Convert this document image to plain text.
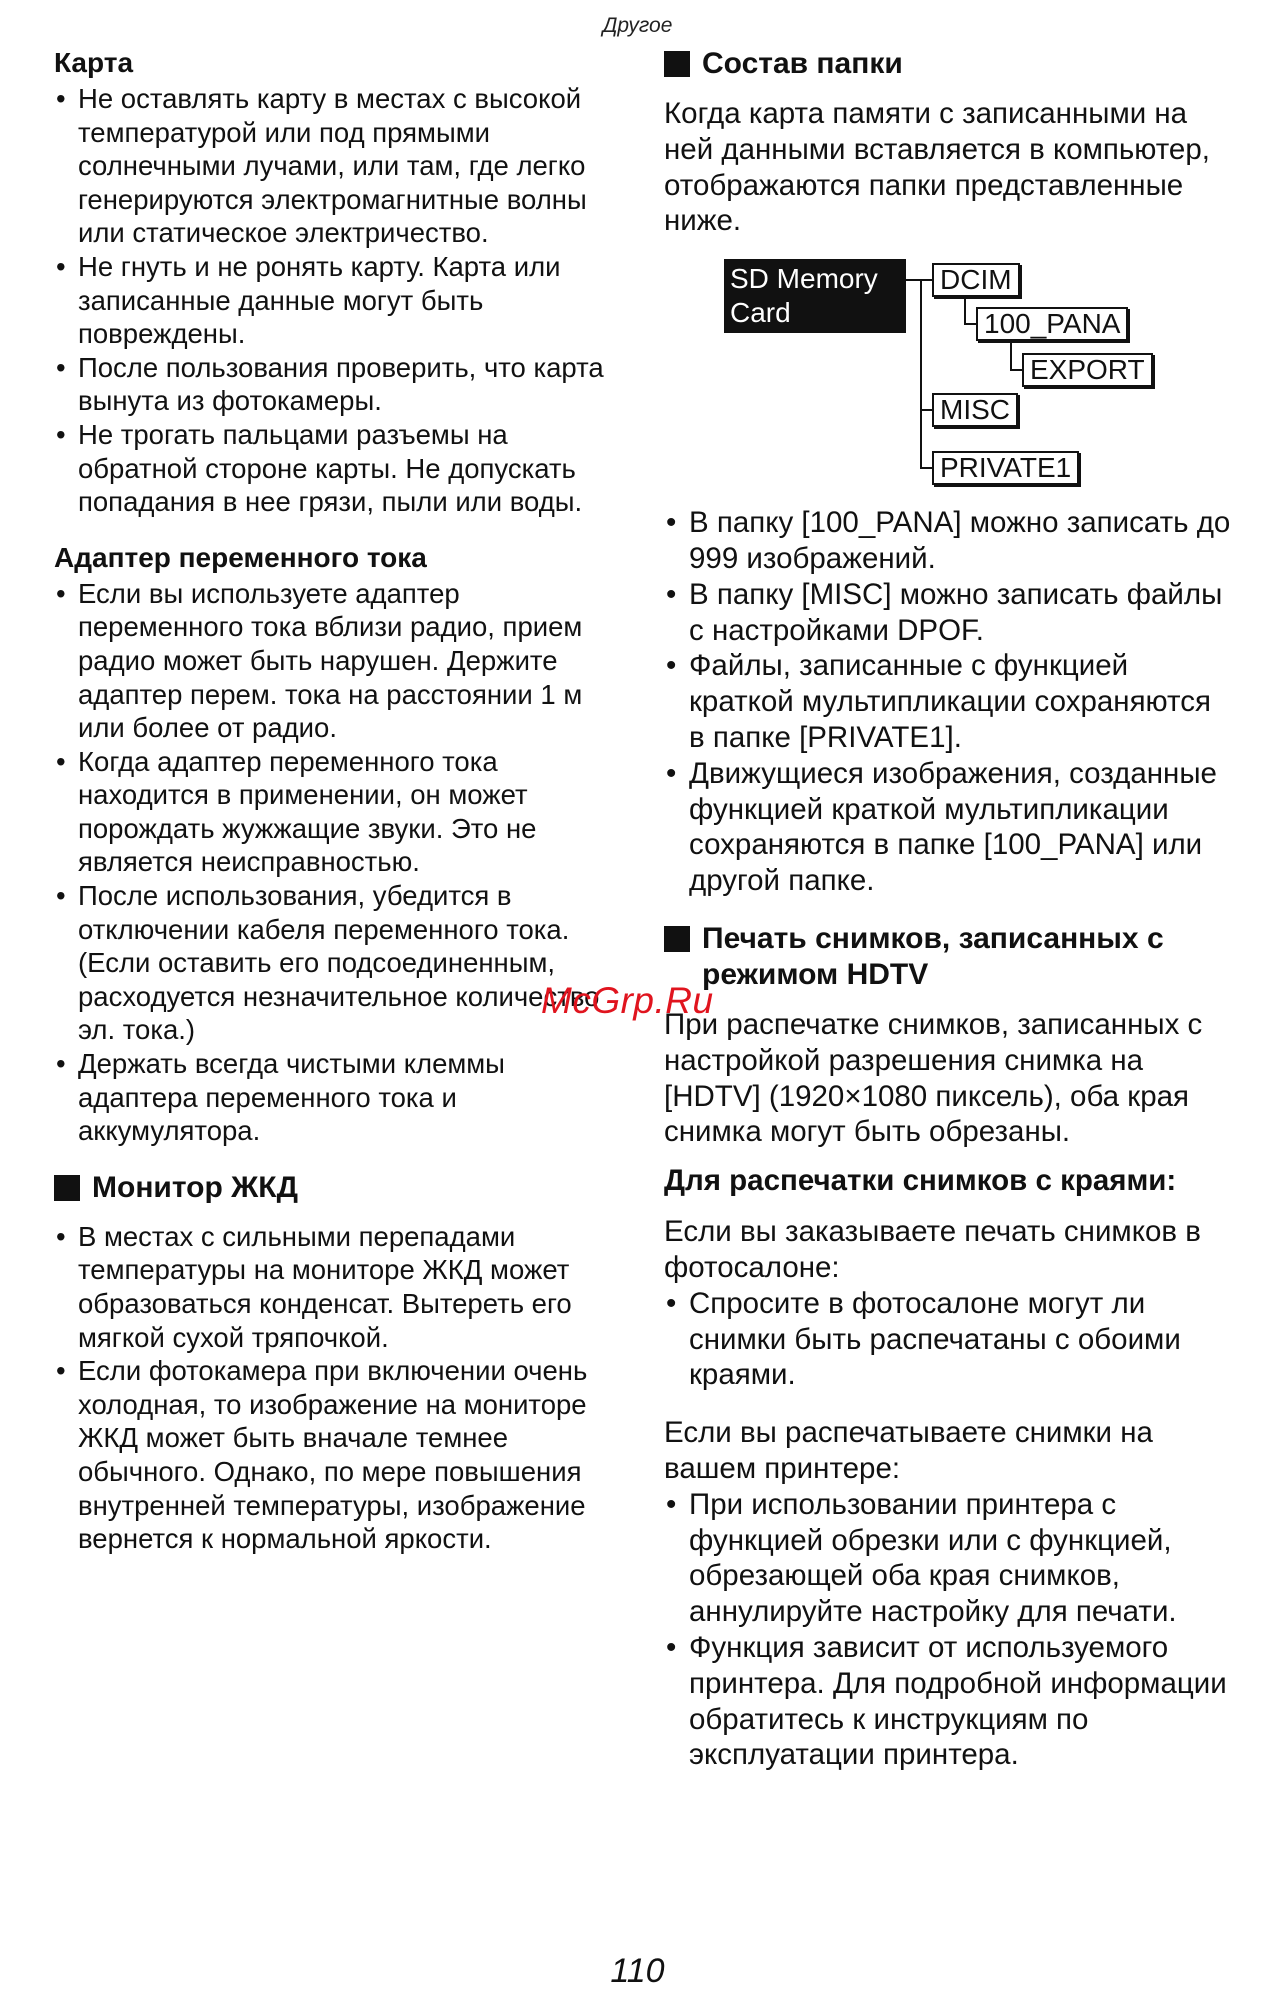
Другое
Карта
• Не оставлять карту в местах с высокой температурой или под прямыми солнечными лучами, или там, где легко генерируются электромагнитные волны или статическое электричество.
• Не гнуть и не ронять карту. Карта или записанные данные могут быть повреждены.
• После пользования проверить, что карта вынута из фотокамеры.
• Не трогать пальцами разъемы на обратной стороне карты. Не допускать попадания в нее грязи, пыли или воды.
Адаптер переменного тока
• Если вы используете адаптер переменного тока вблизи радио, прием радио может быть нарушен. Держите адаптер перем. тока на расстоянии 1 м или более от радио.
• Когда адаптер переменного тока находится в применении, он может порождать жужжащие звуки. Это не является неисправностью.
• После использования, убедится в отключении кабеля переменного тока. (Если оставить его подсоединенным, расходуется незначительное количество эл. тока.)
• Держать всегда чистыми клеммы адаптера переменного тока и аккумулятора.
Монитор ЖКД
• В местах с сильными перепадами температуры на мониторе ЖКД может образоваться конденсат. Вытереть его мягкой сухой тряпочкой.
• Если фотокамера при включении очень холодная, то изображение на мониторе ЖКД может быть вначале темнее обычного. Однако, по мере повышения внутренней температуры, изображение вернется к нормальной яркости.
Состав папки

Когда карта памяти с записанными на ней данными вставляется в компьютер, отображаются папки представленные ниже.

SD Memory Card
DCIM
100_PANA
EXPORT
MISC
PRIVATE1
• В папку [100_PANA] можно записать до 999 изображений.
• В папку [MISC] можно записать файлы с настройками DPOF.
• Файлы, записанные с функцией краткой мультипликации сохраняются в папке [PRIVATE1].
• Движущиеся изображения, созданные функцией краткой мультипликации сохраняются в папке [100_PANA] или другой папке.
Печать снимков, записанных с режимом HDTV

При распечатке снимков, записанных с настройкой разрешения снимка на [HDTV] (1920×1080 пиксель), оба края снимка могут быть обрезаны.

Для распечатки снимков с краями:

Если вы заказываете печать снимков в фотосалоне:

• Спросите в фотосалоне могут ли снимки быть распечатаны с обоими краями.

Если вы распечатываете снимки на вашем принтере:

• При использовании принтера с функцией обрезки или с функцией, обрезающей оба края снимков, аннулируйте настройку для печати.
• Функция зависит от используемого принтера. Для подробной информации обратитесь к инструкциям по эксплуатации принтера.
McGrp.Ru
110
